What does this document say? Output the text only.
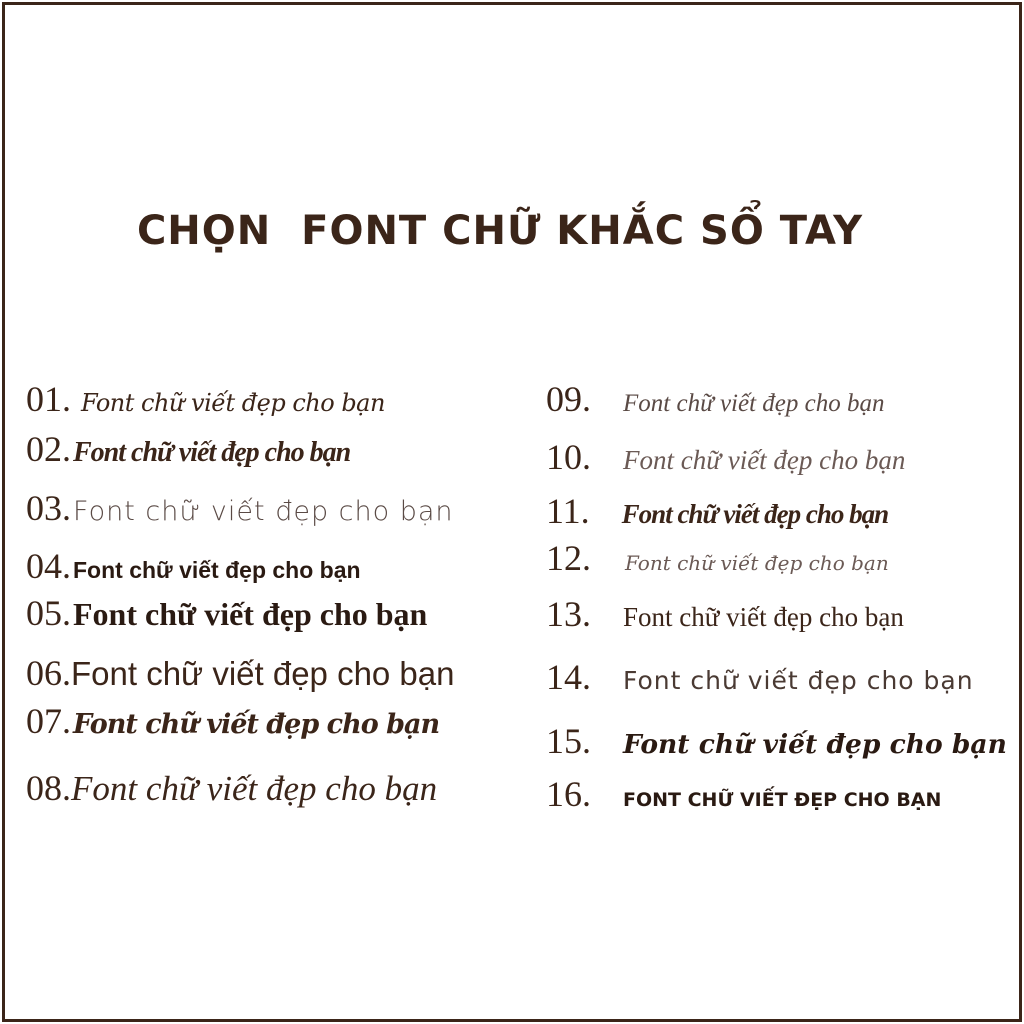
CHỌN  FONT CHỮ KHẮC SỔ TAY
01. Font chữ viết đẹp cho bạn
02. Font chữ viết đẹp cho bạn
03. Font chữ viết đẹp cho bạn
04. Font chữ viết đẹp cho bạn
05. Font chữ viết đẹp cho bạn
06. Font chữ viết đẹp cho bạn
07. Font chữ viết đẹp cho bạn
08. Font chữ viết đẹp cho bạn
09. Font chữ viết đẹp cho bạn
10. Font chữ viết đẹp cho bạn
11. Font chữ viết đẹp cho bạn
12. Font chữ viết đẹp cho bạn
13. Font chữ viết đẹp cho bạn
14. Font chữ viết đẹp cho bạn
15. Font chữ viết đẹp cho bạn
16. FONT CHỮ VIẾT ĐẸP CHO BẠN
